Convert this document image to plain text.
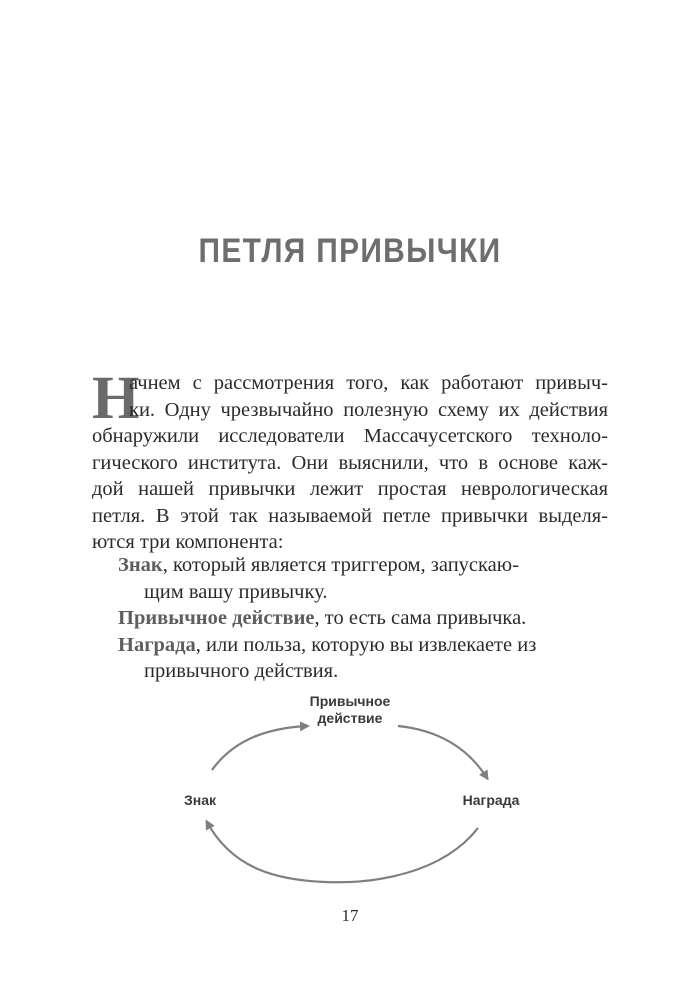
ПЕТЛЯ ПРИВЫЧКИ
Н
ачнем с рассмотрения того, как работают привыч-
ки. Одну чрезвычайно полезную схему их действия
обнаружили исследователи Массачусетского техноло-
гического института. Они выяснили, что в основе каж-
дой нашей привычки лежит простая неврологическая
петля. В этой так называемой петле привычки выделя-
ются три компонента:
Знак, который является триггером, запускаю-
щим вашу привычку.
Привычное действие, то есть сама привычка.
Награда, или польза, которую вы извлекаете из
привычного действия.
Привычное
действие
Знак	Награда
17
